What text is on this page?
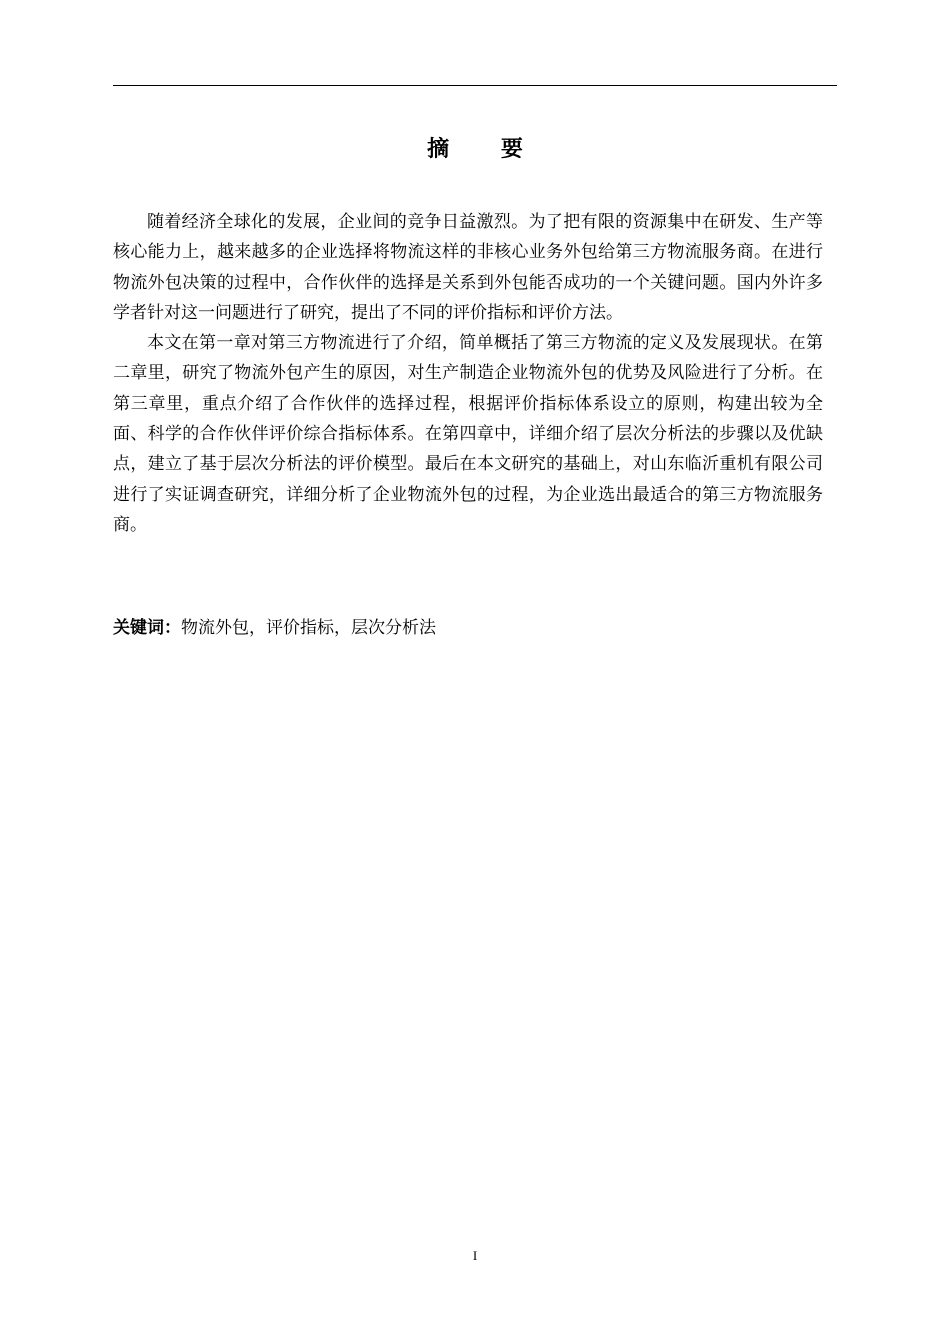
摘 要

随着经济全球化的发展，企业间的竞争日益激烈。为了把有限的资源集中在研发、生产等核心能力上，越来越多的企业选择将物流这样的非核心业务外包给第三方物流服务商。在进行物流外包决策的过程中，合作伙伴的选择是关系到外包能否成功的一个关键问题。国内外许多学者针对这一问题进行了研究，提出了不同的评价指标和评价方法。

本文在第一章对第三方物流进行了介绍，简单概括了第三方物流的定义及发展现状。在第二章里，研究了物流外包产生的原因，对生产制造企业物流外包的优势及风险进行了分析。在第三章里，重点介绍了合作伙伴的选择过程，根据评价指标体系设立的原则，构建出较为全面、科学的合作伙伴评价综合指标体系。在第四章中，详细介绍了层次分析法的步骤以及优缺点，建立了基于层次分析法的评价模型。最后在本文研究的基础上，对山东临沂重机有限公司进行了实证调查研究，详细分析了企业物流外包的过程，为企业选出最适合的第三方物流服务商。

关键词：物流外包，评价指标，层次分析法
I
